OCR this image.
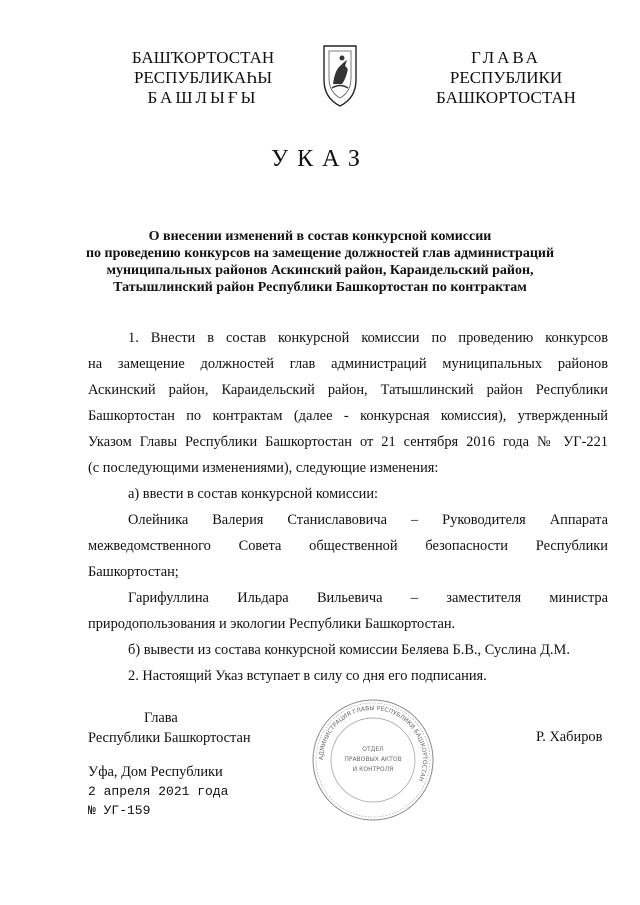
БАШҠОРТОСТАН
РЕСПУБЛИКАҺЫ
БАШЛЫҒЫ
ГЛАВА
РЕСПУБЛИКИ
БАШКОРТОСТАН
УКАЗ
О внесении изменений в состав конкурсной комиссии
по проведению конкурсов на замещение должностей глав администраций
муниципальных районов Аскинский район, Караидельский район,
Татышлинский район Республики Башкортостан по контрактам
1. Внести в состав конкурсной комиссии по проведению конкурсов
на замещение должностей глав администраций муниципальных районов
Аскинский район, Караидельский район, Татышлинский район Республики
Башкортостан по контрактам (далее - конкурсная комиссия), утвержденный
Указом Главы Республики Башкортостан от 21 сентября 2016 года № УГ-221
(с последующими изменениями), следующие изменения:
а) ввести в состав конкурсной комиссии:
Олейника Валерия Станиславовича – Руководителя Аппарата
межведомственного Совета общественной безопасности Республики
Башкортостан;
Гарифуллина Ильдара Вильевича – заместителя министра
природопользования и экологии Республики Башкортостан.
б) вывести из состава конкурсной комиссии Беляева Б.В., Суслина Д.М.
2. Настоящий Указ вступает в силу со дня его подписания.
АДМИНИСТРАЦИЯ ГЛАВЫ РЕСПУБЛИКИ БАШКОРТОСТАН
ОТДЕЛ
ПРАВОВЫХ АКТОВ
И КОНТРОЛЯ
Глава
Республики Башкортостан	Р. Хабиров
Уфа, Дом Республики
2 апреля 2021 года
№ УГ-159
